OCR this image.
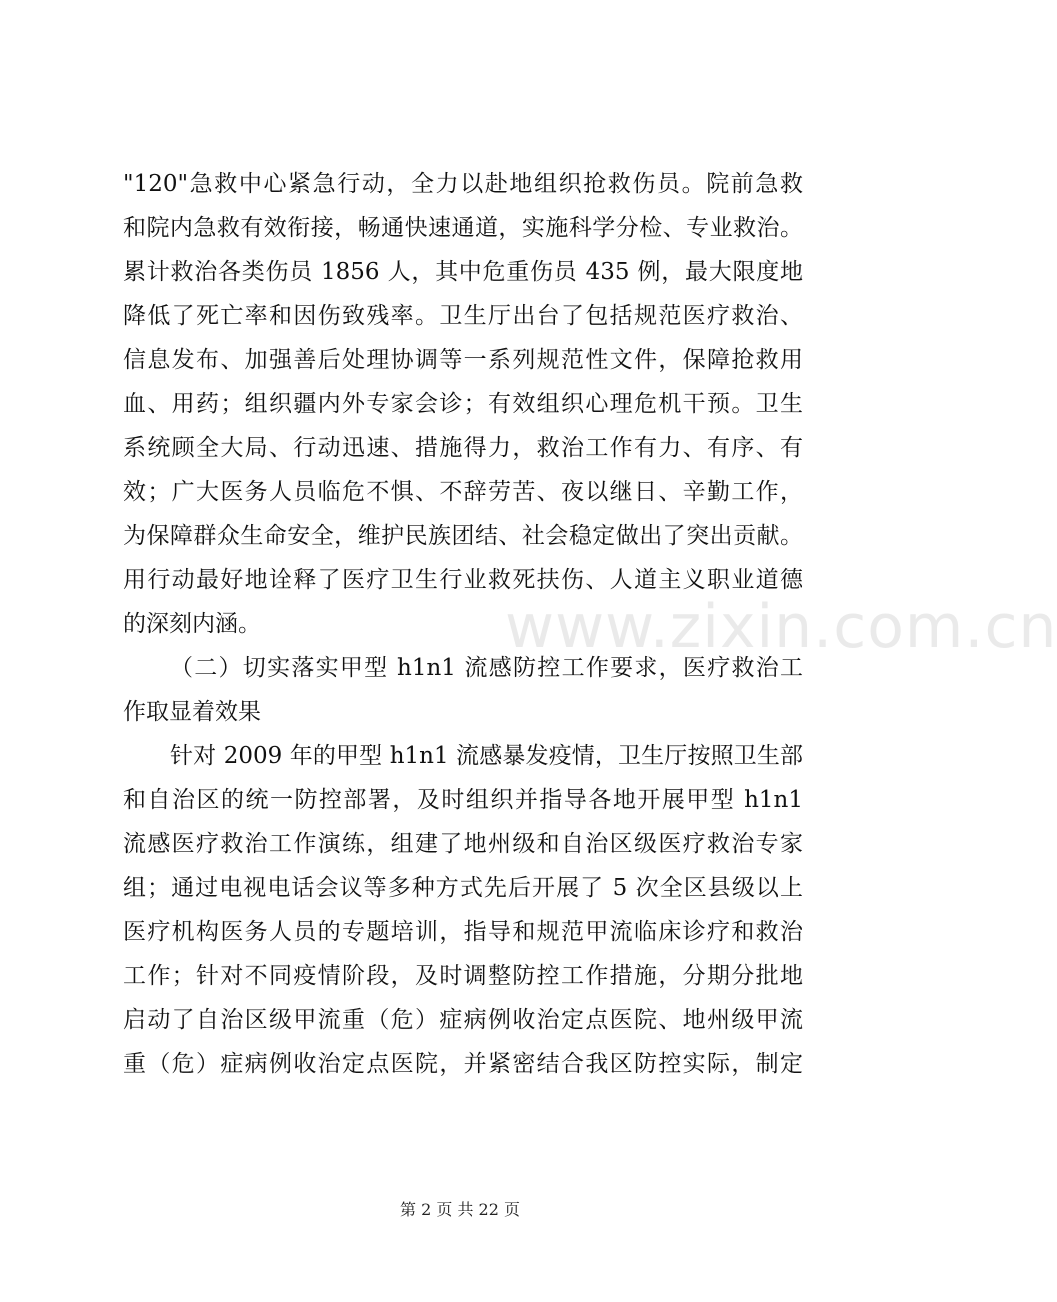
"120"急救中心紧急行动，全力以赴地组织抢救伤员。院前急救
和院内急救有效衔接，畅通快速通道，实施科学分检、专业救治。
累计救治各类伤员 1856 人，其中危重伤员 435 例，最大限度地
降低了死亡率和因伤致残率。卫生厅出台了包括规范医疗救治、
信息发布、加强善后处理协调等一系列规范性文件，保障抢救用
血、用药；组织疆内外专家会诊；有效组织心理危机干预。卫生
系统顾全大局、行动迅速、措施得力，救治工作有力、有序、有
效；广大医务人员临危不惧、不辞劳苦、夜以继日、辛勤工作，
为保障群众生命安全，维护民族团结、社会稳定做出了突出贡献。
用行动最好地诠释了医疗卫生行业救死扶伤、人道主义职业道德
的深刻内涵。
（二）切实落实甲型 h1n1 流感防控工作要求，医疗救治工
作取显着效果
针对 2009 年的甲型 h1n1 流感暴发疫情，卫生厅按照卫生部
和自治区的统一防控部署，及时组织并指导各地开展甲型 h1n1
流感医疗救治工作演练，组建了地州级和自治区级医疗救治专家
组；通过电视电话会议等多种方式先后开展了 5 次全区县级以上
医疗机构医务人员的专题培训，指导和规范甲流临床诊疗和救治
工作；针对不同疫情阶段，及时调整防控工作措施，分期分批地
启动了自治区级甲流重（危）症病例收治定点医院、地州级甲流
重（危）症病例收治定点医院，并紧密结合我区防控实际，制定
www.zixin.com.cn
第 2 页 共 22 页
